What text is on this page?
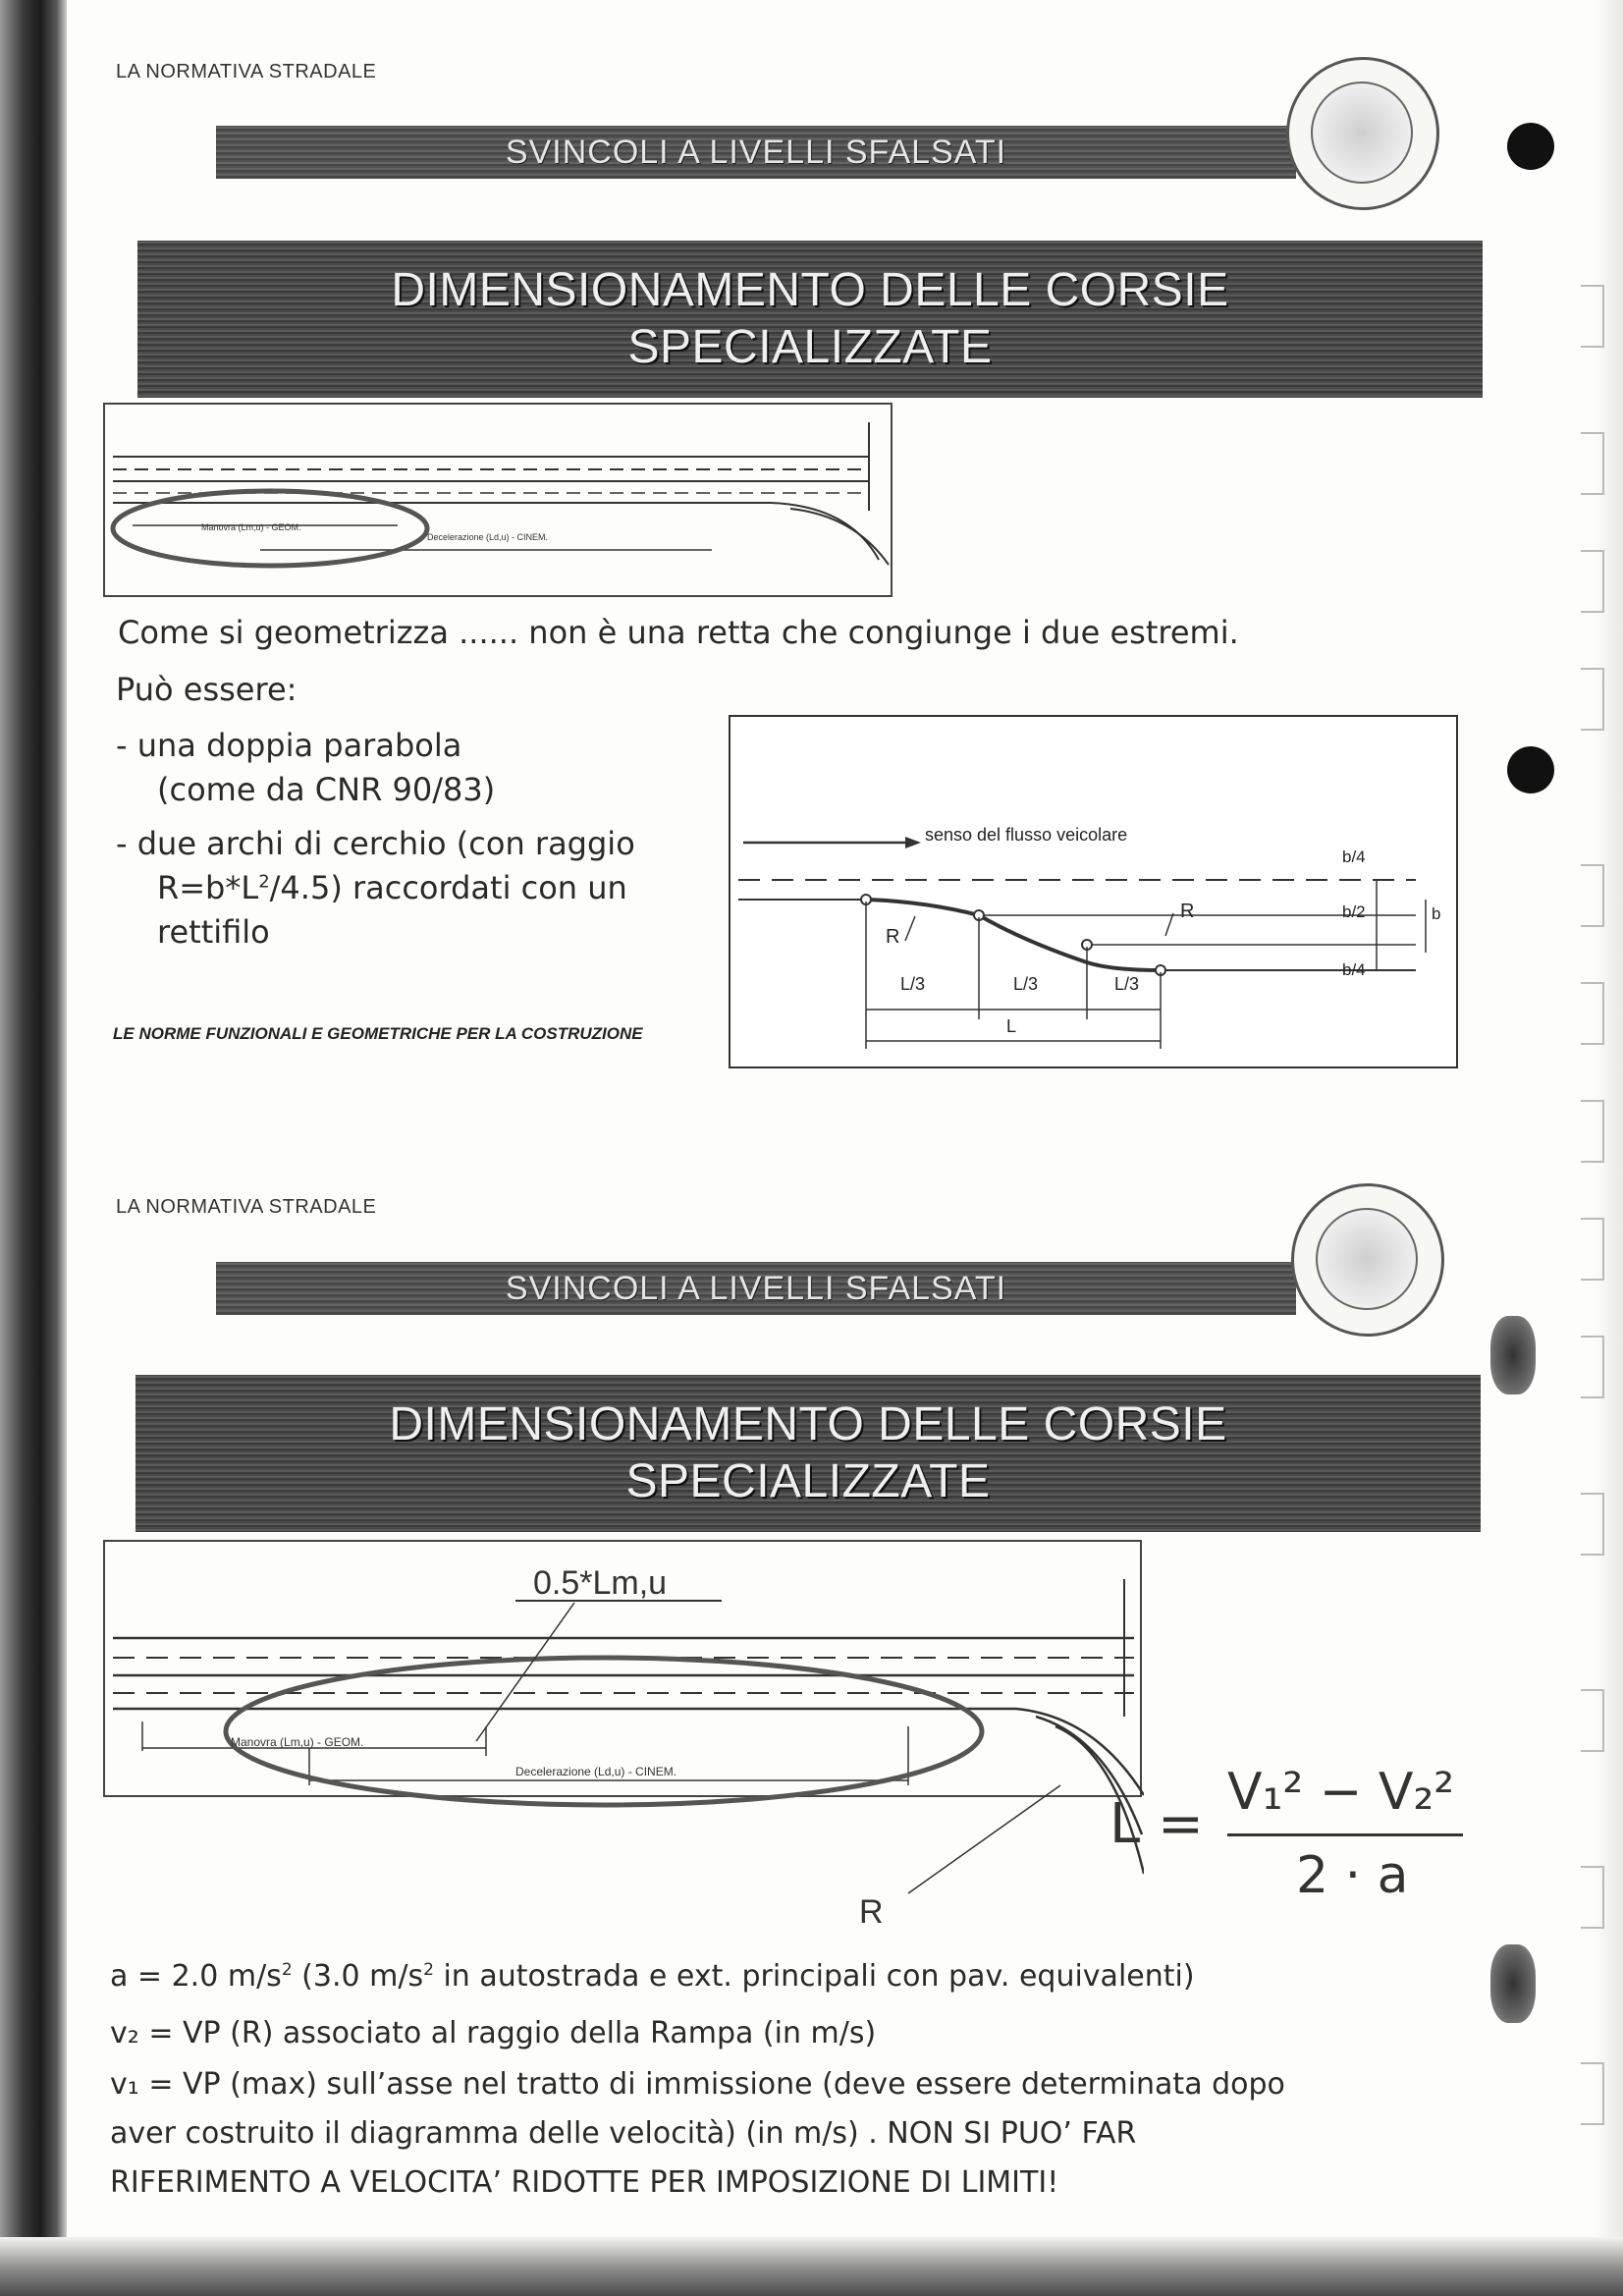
LA NORMATIVA STRADALE
SVINCOLI A LIVELLI SFALSATI
DIMENSIONAMENTO DELLE CORSIE
SPECIALIZZATE
Manovra (Lm,u) - GEOM.
Decelerazione (Ld,u) - CINEM.
Come si geometrizza ...... non è una retta che congiunge i due estremi.
Può essere:
- una doppia parabola
(come da CNR 90/83)
- due archi di cerchio (con raggio
$R=b*L^2/4.5$) raccordati con un
rettifilo
LE NORME FUNZIONALI E GEOMETRICHE PER LA COSTRUZIONE
senso del flusso veicolare
L/3	L/3	L/3
L
R
R
b/4
b/2
b/4
b
LA NORMATIVA STRADALE
SVINCOLI A LIVELLI SFALSATI
DIMENSIONAMENTO DELLE CORSIE
SPECIALIZZATE
0.5*Lm,u
Manovra (Lm,u) - GEOM.
Decelerazione (Ld,u) - CINEM.
R
L = V₁² − V₂²
2 · a
a = 2.0 $m/s^2$ (3.0 $m/s^2$ in autostrada e ext. principali con pav. equivalenti)
v₂ = VP (R) associato al raggio della Rampa (in m/s)
v₁ = VP (max) sull’asse nel tratto di immissione (deve essere determinata dopo
aver costruito il diagramma delle velocità) (in m/s) . NON SI PUO’ FAR
RIFERIMENTO A VELOCITA’ RIDOTTE PER IMPOSIZIONE DI LIMITI!
